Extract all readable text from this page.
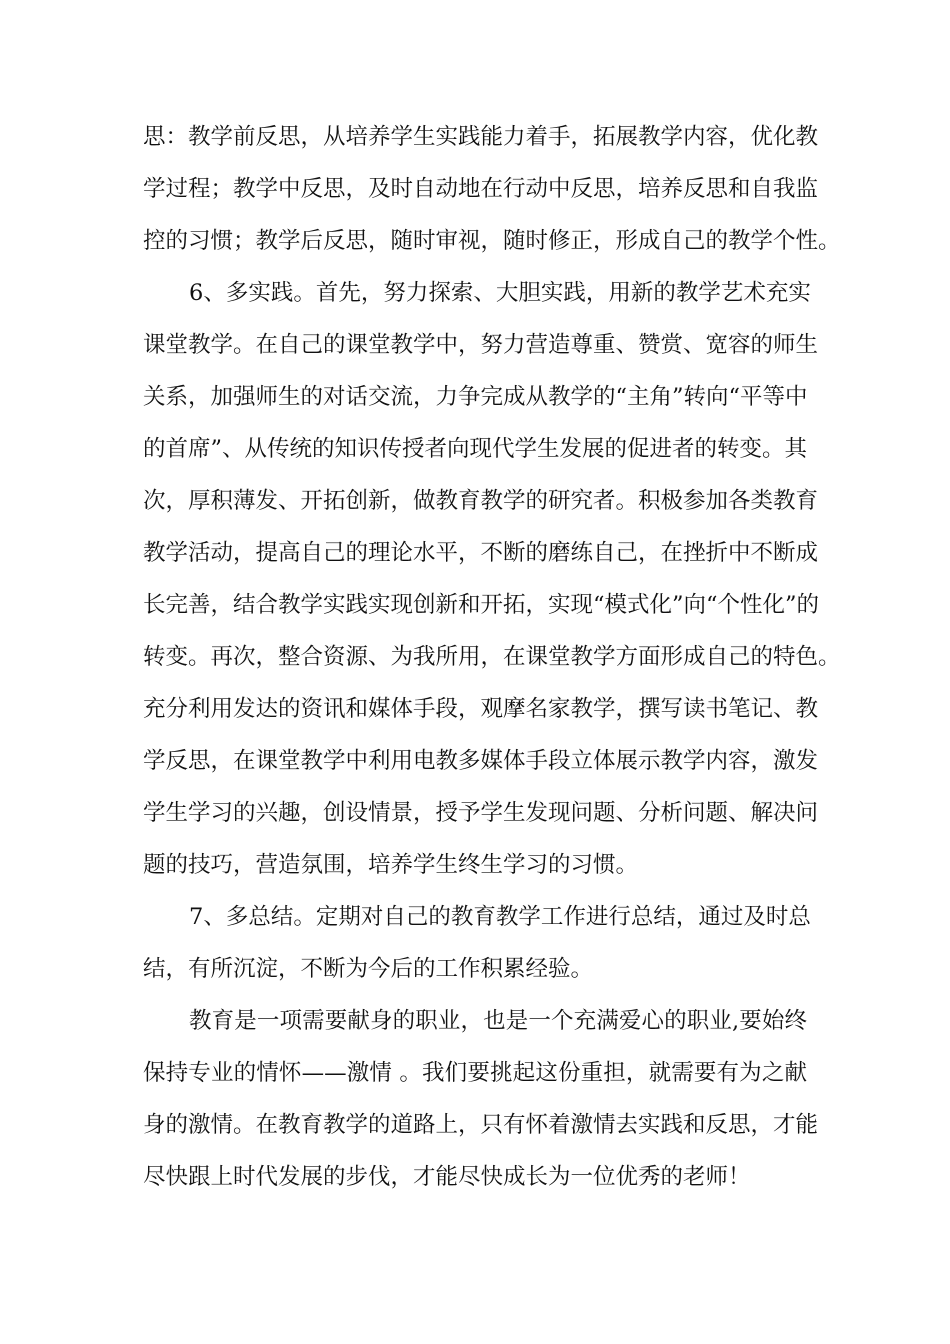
思：教学前反思，从培养学生实践能力着手，拓展教学内容，优化教
学过程；教学中反思，及时自动地在行动中反思，培养反思和自我监
控的习惯；教学后反思，随时审视，随时修正，形成自己的教学个性。
6、多实践。首先，努力探索、大胆实践，用新的教学艺术充实
课堂教学。在自己的课堂教学中，努力营造尊重、赞赏、宽容的师生
关系，加强师生的对话交流，力争完成从教学的“主角”转向“平等中
的首席”、从传统的知识传授者向现代学生发展的促进者的转变。其
次，厚积薄发、开拓创新，做教育教学的研究者。积极参加各类教育
教学活动，提高自己的理论水平，不断的磨练自己，在挫折中不断成
长完善，结合教学实践实现创新和开拓，实现“模式化”向“个性化”的
转变。再次，整合资源、为我所用，在课堂教学方面形成自己的特色。
充分利用发达的资讯和媒体手段，观摩名家教学，撰写读书笔记、教
学反思，在课堂教学中利用电教多媒体手段立体展示教学内容，激发
学生学习的兴趣，创设情景，授予学生发现问题、分析问题、解决问
题的技巧，营造氛围，培养学生终生学习的习惯。
7、多总结。定期对自己的教育教学工作进行总结，通过及时总
结，有所沉淀，不断为今后的工作积累经验。
教育是一项需要献身的职业，也是一个充满爱心的职业,要始终
保持专业的情怀——激情 。我们要挑起这份重担，就需要有为之献
身的激情。在教育教学的道路上，只有怀着激情去实践和反思，才能
尽快跟上时代发展的步伐，才能尽快成长为一位优秀的老师！
